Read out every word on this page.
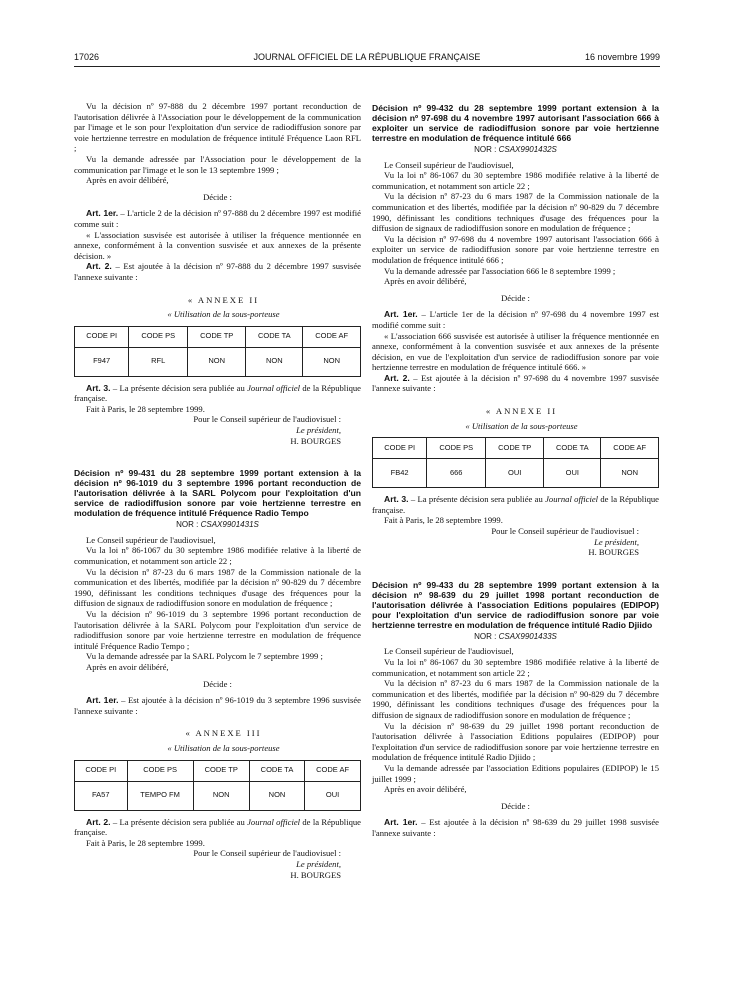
17026	JOURNAL OFFICIEL DE LA RÉPUBLIQUE FRANÇAISE	16 novembre 1999

Vu la décision nº 97-888 du 2 décembre 1997 portant reconduction de l'autorisation délivrée à l'Association pour le développement de la communication par l'image et le son pour l'exploitation d'un service de radiodiffusion sonore par voie hertzienne terrestre en modulation de fréquence intitulé Fréquence Laon RFL ;

Vu la demande adressée par l'Association pour le développement de la communication par l'image et le son le 13 septembre 1999 ;

Après en avoir délibéré,

Décide :

Art. 1er. – L'article 2 de la décision nº 97-888 du 2 décembre 1997 est modifié comme suit :

« L'association susvisée est autorisée à utiliser la fréquence mentionnée en annexe, conformément à la convention susvisée et aux annexes de la présente décision. »

Art. 2. – Est ajoutée à la décision nº 97-888 du 2 décembre 1997 susvisée l'annexe suivante :

« ANNEXE II

« Utilisation de la sous-porteuse

CODE PI	CODE PS	CODE TP	CODE TA	CODE AF
F947	RFL	NON	NON	NON

Art. 3. – La présente décision sera publiée au Journal officiel de la République française.

Fait à Paris, le 28 septembre 1999.

Pour le Conseil supérieur de l'audiovisuel :

Le président,

H. BOURGES

Décision nº 99-431 du 28 septembre 1999 portant extension à la décision nº 96-1019 du 3 septembre 1996 portant reconduction de l'autorisation délivrée à la SARL Polycom pour l'exploitation d'un service de radiodiffusion sonore par voie hertzienne terrestre en modulation de fréquence intitulé Fréquence Radio Tempo
NOR : CSAX9901431S

Le Conseil supérieur de l'audiovisuel,

Vu la loi nº 86-1067 du 30 septembre 1986 modifiée relative à la liberté de communication, et notamment son article 22 ;

Vu la décision nº 87-23 du 6 mars 1987 de la Commission nationale de la communication et des libertés, modifiée par la décision nº 90-829 du 7 décembre 1990, définissant les conditions techniques d'usage des fréquences pour la diffusion de signaux de radiodiffusion sonore en modulation de fréquence ;

Vu la décision nº 96-1019 du 3 septembre 1996 portant reconduction de l'autorisation délivrée à la SARL Polycom pour l'exploitation d'un service de radiodiffusion sonore par voie hertzienne terrestre en modulation de fréquence intitulé Fréquence Radio Tempo ;

Vu la demande adressée par la SARL Polycom le 7 septembre 1999 ;

Après en avoir délibéré,

Décide :

Art. 1er. – Est ajoutée à la décision nº 96-1019 du 3 septembre 1996 susvisée l'annexe suivante :

« ANNEXE III

« Utilisation de la sous-porteuse

CODE PI	CODE PS	CODE TP	CODE TA	CODE AF
FA57	TEMPO FM	NON	NON	OUI

Art. 2. – La présente décision sera publiée au Journal officiel de la République française.

Fait à Paris, le 28 septembre 1999.

Pour le Conseil supérieur de l'audiovisuel :

Le président,

H. BOURGES

Décision nº 99-432 du 28 septembre 1999 portant extension à la décision nº 97-698 du 4 novembre 1997 autorisant l'association 666 à exploiter un service de radiodiffusion sonore par voie hertzienne terrestre en modulation de fréquence intitulé 666
NOR : CSAX9901432S

Le Conseil supérieur de l'audiovisuel,

Vu la loi nº 86-1067 du 30 septembre 1986 modifiée relative à la liberté de communication, et notamment son article 22 ;

Vu la décision nº 87-23 du 6 mars 1987 de la Commission nationale de la communication et des libertés, modifiée par la décision nº 90-829 du 7 décembre 1990, définissant les conditions techniques d'usage des fréquences pour la diffusion de signaux de radiodiffusion sonore en modulation de fréquence ;

Vu la décision nº 97-698 du 4 novembre 1997 autorisant l'association 666 à exploiter un service de radiodiffusion sonore par voie hertzienne terrestre en modulation de fréquence intitulé 666 ;

Vu la demande adressée par l'association 666 le 8 septembre 1999 ;

Après en avoir délibéré,

Décide :

Art. 1er. – L'article 1er de la décision nº 97-698 du 4 novembre 1997 est modifié comme suit :

« L'association 666 susvisée est autorisée à utiliser la fréquence mentionnée en annexe, conformément à la convention susvisée et aux annexes de la présente décision, en vue de l'exploitation d'un service de radiodiffusion sonore par voie hertzienne terrestre en modulation de fréquence intitulé 666. »

Art. 2. – Est ajoutée à la décision nº 97-698 du 4 novembre 1997 susvisée l'annexe suivante :

« ANNEXE II

« Utilisation de la sous-porteuse

CODE PI	CODE PS	CODE TP	CODE TA	CODE AF
FB42	666	OUI	OUI	NON

Art. 3. – La présente décision sera publiée au Journal officiel de la République française.

Fait à Paris, le 28 septembre 1999.

Pour le Conseil supérieur de l'audiovisuel :

Le président,

H. BOURGES

Décision nº 99-433 du 28 septembre 1999 portant extension à la décision nº 98-639 du 29 juillet 1998 portant reconduction de l'autorisation délivrée à l'association Editions populaires (EDIPOP) pour l'exploitation d'un service de radiodiffusion sonore par voie hertzienne terrestre en modulation de fréquence intitulé Radio Djiido
NOR : CSAX9901433S

Le Conseil supérieur de l'audiovisuel,

Vu la loi nº 86-1067 du 30 septembre 1986 modifiée relative à la liberté de communication, et notamment son article 22 ;

Vu la décision nº 87-23 du 6 mars 1987 de la Commission nationale de la communication et des libertés, modifiée par la décision nº 90-829 du 7 décembre 1990, définissant les conditions techniques d'usage des fréquences pour la diffusion de signaux de radiodiffusion sonore en modulation de fréquence ;

Vu la décision nº 98-639 du 29 juillet 1998 portant reconduction de l'autorisation délivrée à l'association Editions populaires (EDIPOP) pour l'exploitation d'un service de radiodiffusion sonore par voie hertzienne terrestre en modulation de fréquence intitulé Radio Djiido ;

Vu la demande adressée par l'association Editions populaires (EDIPOP) le 15 juillet 1999 ;

Après en avoir délibéré,

Décide :

Art. 1er. – Est ajoutée à la décision nº 98-639 du 29 juillet 1998 susvisée l'annexe suivante :
